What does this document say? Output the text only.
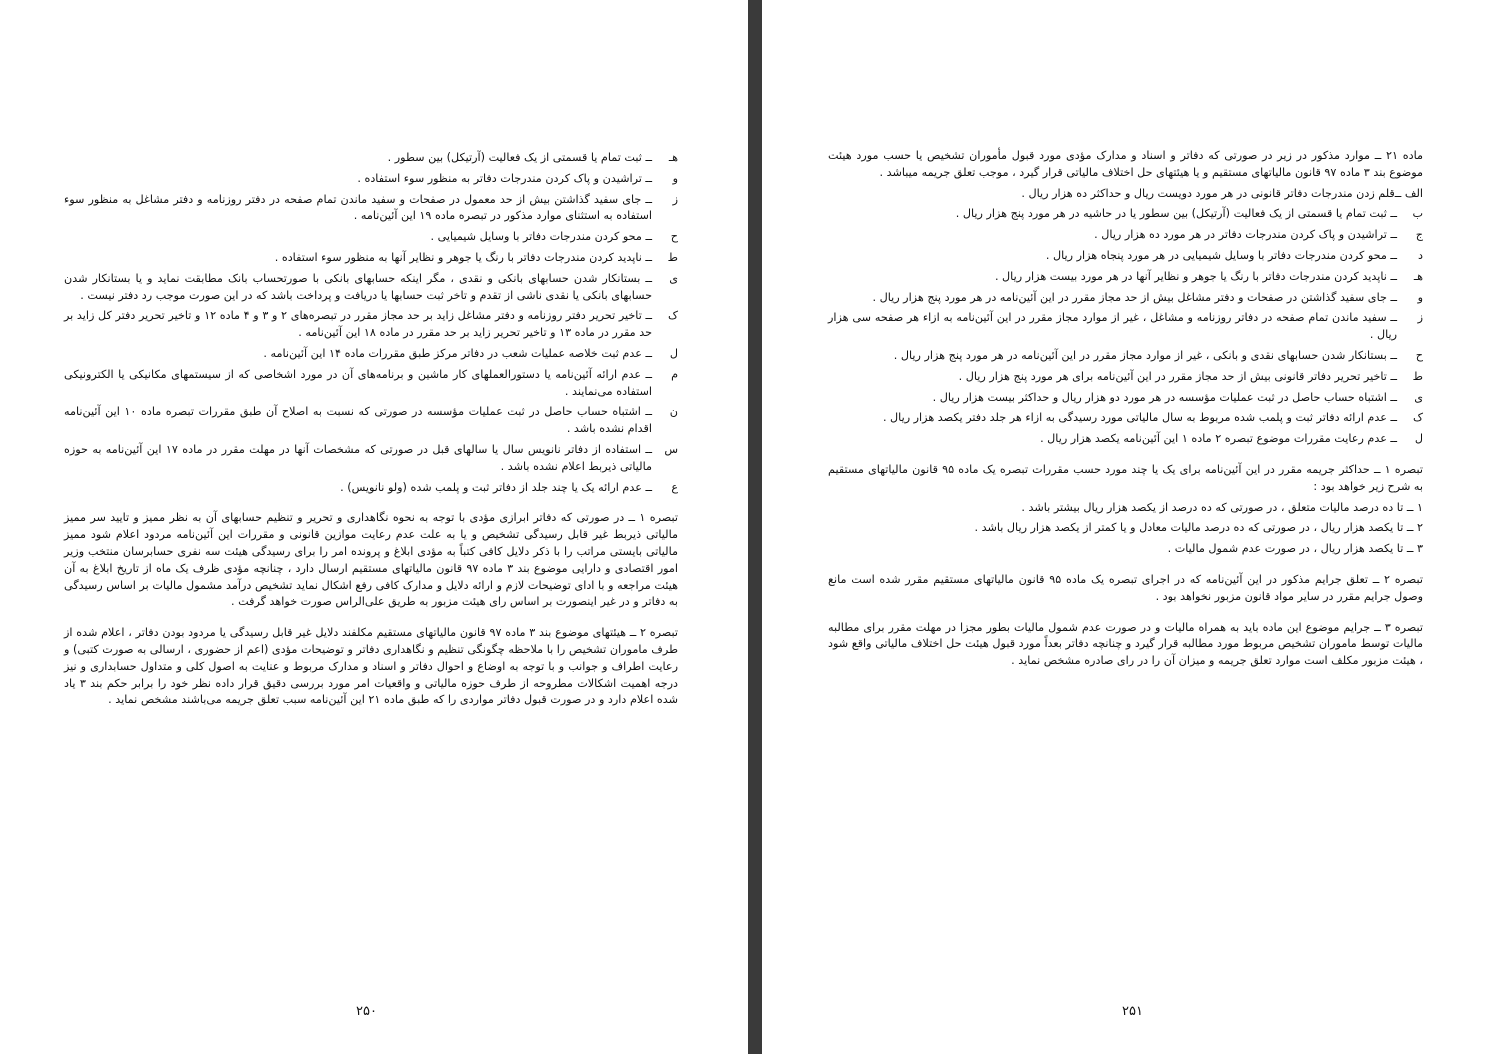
هـ
ــ ثبت تمام یا قسمتی از یک فعالیت (آرتیکل) بین سطور .
و
ــ تراشیدن و پاک کردن مندرجات دفاتر به منظور سوء استفاده .
ز
ــ جای سفید گذاشتن بیش از حد معمول در صفحات و سفید ماندن تمام صفحه در دفتر روزنامه و دفتر مشاغل به منظور سوء استفاده به استثنای موارد مذکور در تبصره ماده ۱۹ این آئین‌نامه .
ح
ــ محو کردن مندرجات دفاتر با وسایل شیمیایی .
ط
ــ ناپدید کردن مندرجات دفاتر با رنگ یا جوهر و نظایر آنها به منظور سوء استفاده .
ی
ــ بستانکار شدن حسابهای بانکی و نقدی ، مگر اینکه حسابهای بانکی با صورتحساب بانک مطابقت نماید و یا بستانکار شدن حسابهای بانکی یا نقدی ناشی از تقدم و تاخر ثبت حسابها یا دریافت و پرداخت باشد که در این صورت موجب رد دفتر نیست .
ک
ــ تاخیر تحریر دفتر روزنامه و دفتر مشاغل زاید بر حد مجاز مقرر در تبصره‌های ۲ و ۳ و ۴ ماده ۱۲ و تاخیر تحریر دفتر کل زاید بر حد مقرر در ماده ۱۳ و تاخیر تحریر زاید بر حد مقرر در ماده ۱۸ این آئین‌نامه .
ل
ــ عدم ثبت خلاصه عملیات شعب در دفاتر مرکز طبق مقررات ماده ۱۴ این آئین‌نامه .
م
ــ عدم ارائه آئین‌نامه یا دستورالعملهای کار ماشین و برنامه‌های آن در مورد اشخاصی که از سیستمهای مکانیکی یا الکترونیکی استفاده می‌نمایند .
ن
ــ اشتباه حساب حاصل در ثبت عملیات مؤسسه در صورتی که نسبت به اصلاح آن طبق مقررات تبصره ماده ۱۰ این آئین‌نامه اقدام نشده باشد .
س
ــ استفاده از دفاتر نانویس سال یا سالهای قبل در صورتی که مشخصات آنها در مهلت مقرر در ماده ۱۷ این آئین‌نامه به حوزه مالیاتی ذیربط اعلام نشده باشد .
ع
ــ عدم ارائه یک یا چند جلد از دفاتر ثبت و پلمب شده (ولو نانویس) .

تبصره ۱ ــ در صورتی که دفاتر ابرازی مؤدی با توجه به نحوه نگاهداری و تحریر و تنظیم حسابهای آن به نظر ممیز و تایید سر ممیز مالیاتی ذیربط غیر قابل رسیدگی تشخیص و یا به علت عدم رعایت موازین قانونی و مقررات این آئین‌نامه مردود اعلام شود ممیز مالیاتی بایستی مراتب را با ذکر دلایل کافی کتباً به مؤدی ابلاغ و پرونده امر را برای رسیدگی هیئت سه نفری حسابرسان منتخب وزیر امور اقتصادی و دارایی موضوع بند ۳ ماده ۹۷ قانون مالیاتهای مستقیم ارسال دارد ، چنانچه مؤدی ظرف یک ماه از تاریخ ابلاغ به آن هیئت مراجعه و با ادای توضیحات لازم و ارائه دلایل و مدارک کافی رفع اشکال نماید تشخیص درآمد مشمول مالیات بر اساس رسیدگی به دفاتر و در غیر اینصورت بر اساس رای هیئت مزبور به طریق علی‌الراس صورت خواهد گرفت .

تبصره ۲ ــ هیئتهای موضوع بند ۳ ماده ۹۷ قانون مالیاتهای مستقیم مکلفند دلایل غیر قابل رسیدگی یا مردود بودن دفاتر ، اعلام شده از طرف ماموران تشخیص را با ملاحظه چگونگی تنظیم و نگاهداری دفاتر و توضیحات مؤدی (اعم از حضوری ، ارسالی به صورت کتبی) و رعایت اطراف و جوانب و با توجه به اوضاع و احوال دفاتر و اسناد و مدارک مربوط و عنایت به اصول کلی و متداول حسابداری و نیز درجه اهمیت اشکالات مطروحه از طرف حوزه مالیاتی و واقعیات امر مورد بررسی دقیق قرار داده نظر خود را برابر حکم بند ۳ یاد شده اعلام دارد و در صورت قبول دفاتر مواردی را که طبق ماده ۲۱ این آئین‌نامه سبب تعلق جریمه می‌باشند مشخص نماید .

ماده ۲۱ ــ موارد مذکور در زیر در صورتی که دفاتر و اسناد و مدارک مؤدی مورد قبول مأموران تشخیص یا حسب مورد هیئت موضوع بند ۳ ماده ۹۷ قانون مالیاتهای مستقیم و یا هیئتهای حل اختلاف مالیاتی قرار گیرد ، موجب تعلق جریمه میباشد .

الف ــ
قلم زدن مندرجات دفاتر قانونی در هر مورد دویست ریال و حداکثر ده هزار ریال .
ب
ــ ثبت تمام یا قسمتی از یک فعالیت (آرتیکل) بین سطور یا در حاشیه در هر مورد پنج هزار ریال .
ج
ــ تراشیدن و پاک کردن مندرجات دفاتر در هر مورد ده هزار ریال .
د
ــ محو کردن مندرجات دفاتر با وسایل شیمیایی در هر مورد پنجاه هزار ریال .
هـ
ــ ناپدید کردن مندرجات دفاتر با رنگ یا جوهر و نظایر آنها در هر مورد بیست هزار ریال .
و
ــ جای سفید گذاشتن در صفحات و دفتر مشاغل بیش از حد مجاز مقرر در این آئین‌نامه در هر مورد پنج هزار ریال .
ز
ــ سفید ماندن تمام صفحه در دفاتر روزنامه و مشاغل ، غیر از موارد مجاز مقرر در این آئین‌نامه به ازاء هر صفحه سی هزار ریال .
ح
ــ بستانکار شدن حسابهای نقدی و بانکی ، غیر از موارد مجاز مقرر در این آئین‌نامه در هر مورد پنج هزار ریال .
ط
ــ تاخیر تحریر دفاتر قانونی بیش از حد مجاز مقرر در این آئین‌نامه برای هر مورد پنج هزار ریال .
ی
ــ اشتباه حساب حاصل در ثبت عملیات مؤسسه در هر مورد دو هزار ریال و حداکثر بیست هزار ریال .
ک
ــ عدم ارائه دفاتر ثبت و پلمب شده مربوط به سال مالیاتی مورد رسیدگی به ازاء هر جلد دفتر یکصد هزار ریال .
ل
ــ عدم رعایت مقررات موضوع تبصره ۲ ماده ۱ این آئین‌نامه یکصد هزار ریال .

تبصره ۱ ــ حداکثر جریمه مقرر در این آئین‌نامه برای یک یا چند مورد حسب مقررات تبصره یک ماده ۹۵ قانون مالیاتهای مستقیم به شرح زیر خواهد بود :

۱ ــ تا ده درصد مالیات متعلق ، در صورتی که ده درصد از یکصد هزار ریال بیشتر باشد .

۲ ــ تا یکصد هزار ریال ، در صورتی که ده درصد مالیات معادل و یا کمتر از یکصد هزار ریال باشد .

۳ ــ تا یکصد هزار ریال ، در صورت عدم شمول مالیات .

تبصره ۲ ــ تعلق جرایم مذکور در این آئین‌نامه که در اجرای تبصره یک ماده ۹۵ قانون مالیاتهای مستقیم مقرر شده است مانع وصول جرایم مقرر در سایر مواد قانون مزبور نخواهد بود .

تبصره ۳ ــ جرایم موضوع این ماده باید به همراه مالیات و در صورت عدم شمول مالیات بطور مجزا در مهلت مقرر برای مطالبه مالیات توسط ماموران تشخیص مربوط مورد مطالبه قرار گیرد و چنانچه دفاتر بعداً مورد قبول هیئت حل اختلاف مالیاتی واقع شود ، هیئت مزبور مکلف است موارد تعلق جریمه و میزان آن را در رای صادره مشخص نماید .

۲۵۰	۲۵۱
